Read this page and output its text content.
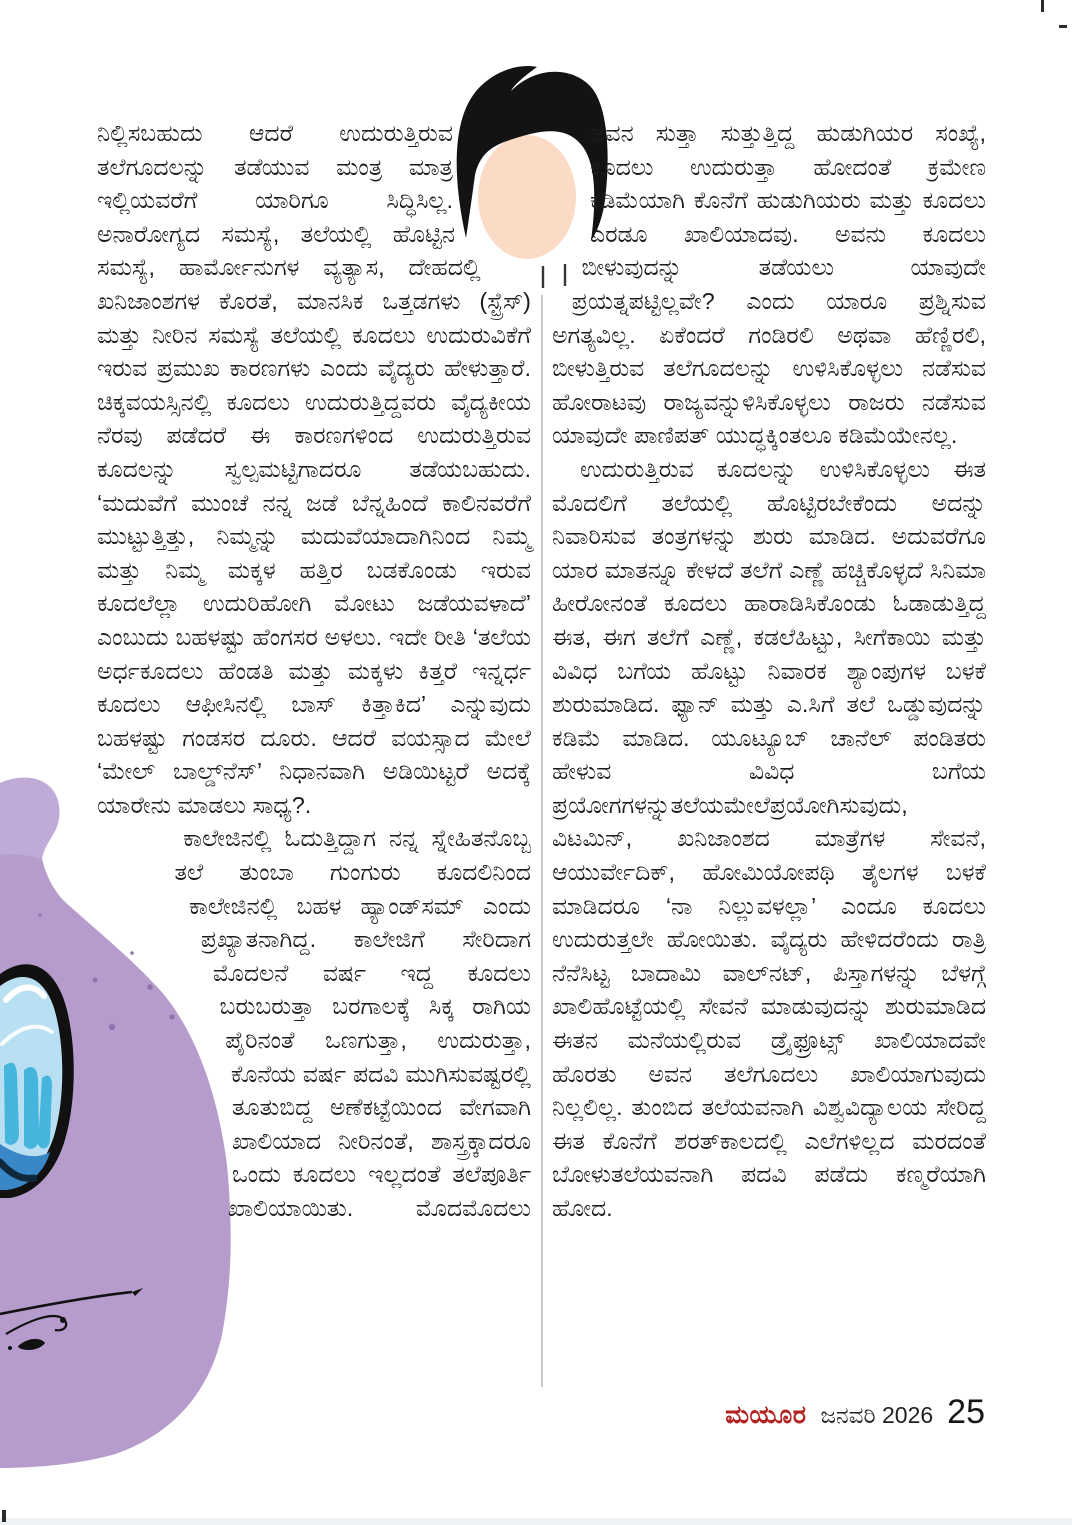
ನಿಲ್ಲಿಸಬಹುದು ಆದರೆ ಉದುರುತ್ತಿರುವ ತಲೆಗೂದಲನ್ನು ತಡೆಯುವ ಮಂತ್ರ ಮಾತ್ರ ಇಲ್ಲಿಯವರೆಗೆ ಯಾರಿಗೂ ಸಿದ್ಧಿಸಿಲ್ಲ. ಅನಾರೋಗ್ಯದ ಸಮಸ್ಯೆ, ತಲೆಯಲ್ಲಿ ಹೊಟ್ಟಿನ ಸಮಸ್ಯೆ, ಹಾರ್ಮೋನುಗಳ ವ್ಯತ್ಯಾಸ, ದೇಹದಲ್ಲಿ ಖನಿಜಾಂಶಗಳ ಕೊರತೆ, ಮಾನಸಿಕ ಒತ್ತಡಗಳು (ಸ್ಟ್ರೆಸ್) ಮತ್ತು ನೀರಿನ ಸಮಸ್ಯೆ ತಲೆಯಲ್ಲಿ ಕೂದಲು ಉದುರುವಿಕೆಗೆ ಇರುವ ಪ್ರಮುಖ ಕಾರಣಗಳು ಎಂದು ವೈದ್ಯರು ಹೇಳುತ್ತಾರೆ. ಚಿಕ್ಕವಯಸ್ಸಿನಲ್ಲಿ ಕೂದಲು ಉದುರುತ್ತಿದ್ದವರು ವೈದ್ಯಕೀಯ ನೆರವು ಪಡೆದರೆ ಈ ಕಾರಣಗಳಿಂದ ಉದುರುತ್ತಿರುವ ಕೂದಲನ್ನು ಸ್ವಲ್ಪಮಟ್ಟಿಗಾದರೂ ತಡೆಯಬಹುದು. ‘ಮದುವೆಗೆ ಮುಂಚೆ ನನ್ನ ಜಡೆ ಬೆನ್ನಹಿಂದೆ ಕಾಲಿನವರೆಗೆ ಮುಟ್ಟುತ್ತಿತ್ತು, ನಿಮ್ಮನ್ನು ಮದುವೆಯಾದಾಗಿನಿಂದ ನಿಮ್ಮ ಮತ್ತು ನಿಮ್ಮ ಮಕ್ಕಳ ಹತ್ತಿರ ಬಡಕೊಂಡು ಇರುವ ಕೂದಲೆಲ್ಲಾ ಉದುರಿಹೋಗಿ ಮೋಟು ಜಡೆಯವಳಾದೆ’ ಎಂಬುದು ಬಹಳಷ್ಟು ಹೆಂಗಸರ ಅಳಲು. ಇದೇ ರೀತಿ ‘ತಲೆಯ ಅರ್ಧಕೂದಲು ಹೆಂಡತಿ ಮತ್ತು ಮಕ್ಕಳು ಕಿತ್ತರೆ ಇನ್ನರ್ಧ ಕೂದಲು ಆಫೀಸಿನಲ್ಲಿ ಬಾಸ್ ಕಿತ್ತಾಕಿದ’ ಎನ್ನುವುದು ಬಹಳಷ್ಟು ಗಂಡಸರ ದೂರು. ಆದರೆ ವಯಸ್ಸಾದ ಮೇಲೆ ‘ಮೇಲ್ ಬಾಲ್ಡ್‌ನೆಸ್’ ನಿಧಾನವಾಗಿ ಅಡಿಯಿಟ್ಟರೆ ಅದಕ್ಕೆ ಯಾರೇನು ಮಾಡಲು ಸಾಧ್ಯ?.

ಕಾಲೇಜಿನಲ್ಲಿ ಓದುತ್ತಿದ್ದಾಗ ನನ್ನ ಸ್ನೇಹಿತನೊಬ್ಬ ತಲೆ ತುಂಬಾ ಗುಂಗುರು ಕೂದಲಿನಿಂದ ಕಾಲೇಜಿನಲ್ಲಿ ಬಹಳ ಹ್ಯಾಂಡ್‌ಸಮ್ ಎಂದು ಪ್ರಖ್ಯಾತನಾಗಿದ್ದ. ಕಾಲೇಜಿಗೆ ಸೇರಿದಾಗ ಮೊದಲನೆ ವರ್ಷ ಇದ್ದ ಕೂದಲು ಬರುಬರುತ್ತಾ ಬರಗಾಲಕ್ಕೆ ಸಿಕ್ಕ ರಾಗಿಯ ಪೈರಿನಂತೆ ಒಣಗುತ್ತಾ, ಉದುರುತ್ತಾ, ಕೊನೆಯ ವರ್ಷ ಪದವಿ ಮುಗಿಸುವಷ್ಟರಲ್ಲಿ ತೂತುಬಿದ್ದ ಅಣೆಕಟ್ಟೆಯಿಂದ ವೇಗವಾಗಿ ಖಾಲಿಯಾದ ನೀರಿನಂತೆ, ಶಾಸ್ತ್ರಕ್ಕಾದರೂ ಒಂದು ಕೂದಲು ಇಲ್ಲದಂತೆ ತಲೆಪೂರ್ತಿ ಖಾಲಿಯಾಯಿತು. ಮೊದಮೊದಲು

ಅವನ ಸುತ್ತಾ ಸುತ್ತುತ್ತಿದ್ದ ಹುಡುಗಿಯರ ಸಂಖ್ಯೆ, ಕೂದಲು ಉದುರುತ್ತಾ ಹೋದಂತೆ ಕ್ರಮೇಣ ಕಡಿಮೆಯಾಗಿ ಕೊನೆಗೆ ಹುಡುಗಿಯರು ಮತ್ತು ಕೂದಲು ಎರಡೂ ಖಾಲಿಯಾದವು. ಅವನು ಕೂದಲು ಬೀಳುವುದನ್ನು ತಡೆಯಲು ಯಾವುದೇ ಪ್ರಯತ್ನಪಟ್ಟಿಲ್ಲವೇ? ಎಂದು ಯಾರೂ ಪ್ರಶ್ನಿಸುವ ಅಗತ್ಯವಿಲ್ಲ. ಏಕೆಂದರೆ ಗಂಡಿರಲಿ ಅಥವಾ ಹೆಣ್ಣಿರಲಿ, ಬೀಳುತ್ತಿರುವ ತಲೆಗೂದಲನ್ನು ಉಳಿಸಿಕೊಳ್ಳಲು ನಡೆಸುವ ಹೋರಾಟವು ರಾಜ್ಯವನ್ನುಳಿಸಿಕೊಳ್ಳಲು ರಾಜರು ನಡೆಸುವ ಯಾವುದೇ ಪಾಣಿಪತ್ ಯುದ್ಧಕ್ಕಿಂತಲೂ ಕಡಿಮೆಯೇನಲ್ಲ.

ಉದುರುತ್ತಿರುವ ಕೂದಲನ್ನು ಉಳಿಸಿಕೊಳ್ಳಲು ಈತ ಮೊದಲಿಗೆ ತಲೆಯಲ್ಲಿ ಹೊಟ್ಟಿರಬೇಕೆಂದು ಅದನ್ನು ನಿವಾರಿಸುವ ತಂತ್ರಗಳನ್ನು ಶುರು ಮಾಡಿದ. ಅದುವರೆಗೂ ಯಾರ ಮಾತನ್ನೂ ಕೇಳದೆ ತಲೆಗೆ ಎಣ್ಣೆ ಹಚ್ಚಿಕೊಳ್ಳದೆ ಸಿನಿಮಾ ಹೀರೋನಂತೆ ಕೂದಲು ಹಾರಾಡಿಸಿಕೊಂಡು ಓಡಾಡುತ್ತಿದ್ದ ಈತ, ಈಗ ತಲೆಗೆ ಎಣ್ಣೆ, ಕಡಲೆಹಿಟ್ಟು, ಸೀಗೆಕಾಯಿ ಮತ್ತು ವಿವಿಧ ಬಗೆಯ ಹೊಟ್ಟು ನಿವಾರಕ ಶ್ಯಾಂಪುಗಳ ಬಳಕೆ ಶುರುಮಾಡಿದ. ಫ್ಯಾನ್ ಮತ್ತು ಎ.ಸಿಗೆ ತಲೆ ಒಡ್ಡುವುದನ್ನು ಕಡಿಮೆ ಮಾಡಿದ. ಯೂಟ್ಯೂಬ್ ಚಾನೆಲ್ ಪಂಡಿತರು ಹೇಳುವ ವಿವಿಧ ಬಗೆಯ ಪ್ರಯೋಗಗಳನ್ನುತಲೆಯಮೇಲೆಪ್ರಯೋಗಿಸುವುದು, ವಿಟಮಿನ್, ಖನಿಜಾಂಶದ ಮಾತ್ರೆಗಳ ಸೇವನೆ, ಆಯುರ್ವೇದಿಕ್, ಹೋಮಿಯೋಪಥಿ ತೈಲಗಳ ಬಳಕೆ ಮಾಡಿದರೂ ‘ನಾ ನಿಲ್ಲುವಳಲ್ಲಾ’ ಎಂದೂ ಕೂದಲು ಉದುರುತ್ತಲೇ ಹೋಯಿತು. ವೈದ್ಯರು ಹೇಳಿದರೆಂದು ರಾತ್ರಿ ನೆನೆಸಿಟ್ಟ ಬಾದಾಮಿ ವಾಲ್‌ನಟ್, ಪಿಸ್ತಾಗಳನ್ನು ಬೆಳಗ್ಗೆ ಖಾಲಿಹೊಟ್ಟೆಯಲ್ಲಿ ಸೇವನೆ ಮಾಡುವುದನ್ನು ಶುರುಮಾಡಿದ ಈತನ ಮನೆಯಲ್ಲಿರುವ ಡ್ರೈಫ್ರೂಟ್ಸ್ ಖಾಲಿಯಾದವೇ ಹೊರತು ಅವನ ತಲೆಗೂದಲು ಖಾಲಿಯಾಗುವುದು ನಿಲ್ಲಲಿಲ್ಲ. ತುಂಬಿದ ತಲೆಯವನಾಗಿ ವಿಶ್ವವಿದ್ಯಾಲಯ ಸೇರಿದ್ದ ಈತ ಕೊನೆಗೆ ಶರತ್‌ಕಾಲದಲ್ಲಿ ಎಲೆಗಳಿಲ್ಲದ ಮರದಂತೆ ಬೋಳುತಲೆಯವನಾಗಿ ಪದವಿ ಪಡೆದು ಕಣ್ಮರೆಯಾಗಿ ಹೋದ.

ಮಯೂರ ಜನವರಿ 2026 25
